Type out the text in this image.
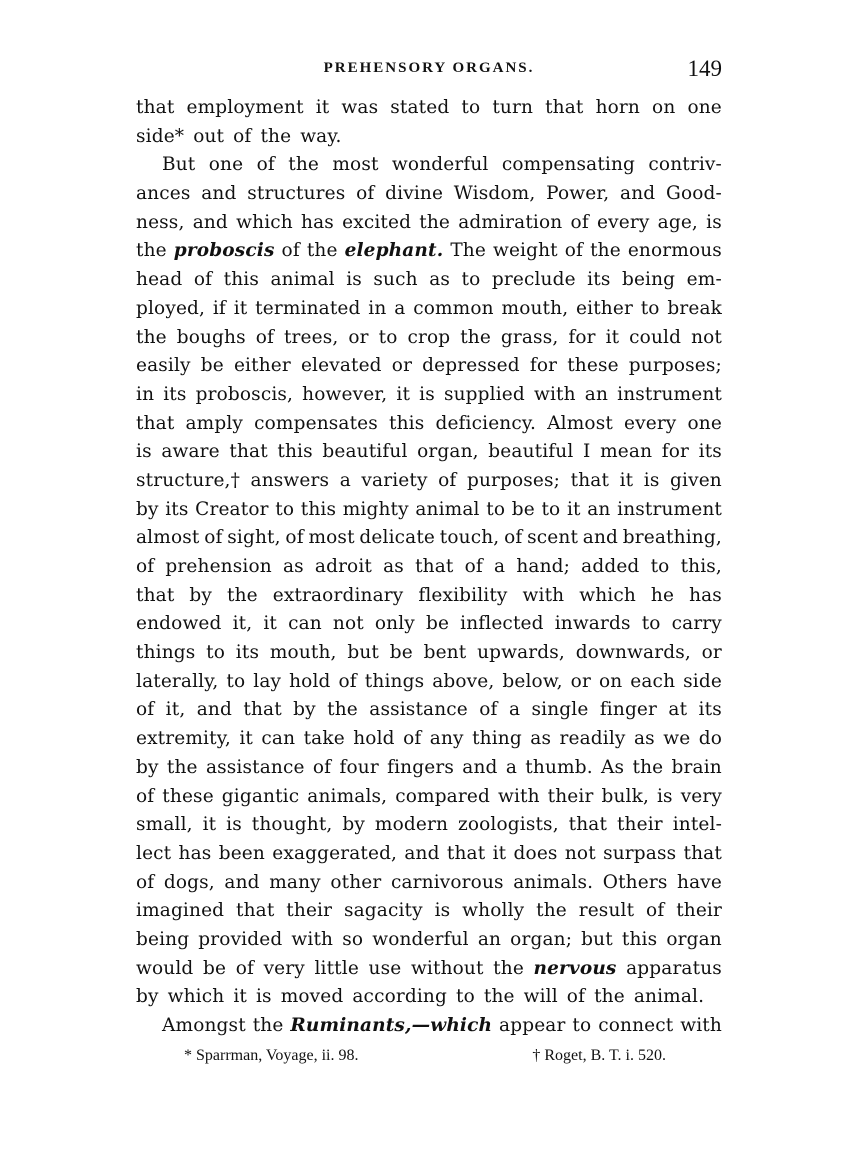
PREHENSORY ORGANS.	149
that employment it was stated to turn that horn on one
side* out of the way.
But one of the most wonderful compensating contriv-
ances and structures of divine Wisdom, Power, and Good-
ness, and which has excited the admiration of every age, is
the proboscis of the elephant. The weight of the enormous
head of this animal is such as to preclude its being em-
ployed, if it terminated in a common mouth, either to break
the boughs of trees, or to crop the grass, for it could not
easily be either elevated or depressed for these purposes;
in its proboscis, however, it is supplied with an instrument
that amply compensates this deficiency. Almost every one
is aware that this beautiful organ, beautiful I mean for its
structure,† answers a variety of purposes; that it is given
by its Creator to this mighty animal to be to it an instrument
almost of sight, of most delicate touch, of scent and breathing,
of prehension as adroit as that of a hand; added to this,
that by the extraordinary flexibility with which he has
endowed it, it can not only be inflected inwards to carry
things to its mouth, but be bent upwards, downwards, or
laterally, to lay hold of things above, below, or on each side
of it, and that by the assistance of a single finger at its
extremity, it can take hold of any thing as readily as we do
by the assistance of four fingers and a thumb. As the brain
of these gigantic animals, compared with their bulk, is very
small, it is thought, by modern zoologists, that their intel-
lect has been exaggerated, and that it does not surpass that
of dogs, and many other carnivorous animals. Others have
imagined that their sagacity is wholly the result of their
being provided with so wonderful an organ; but this organ
would be of very little use without the nervous apparatus
by which it is moved according to the will of the animal.
Amongst the Ruminants,—which appear to connect with
* Sparrman, Voyage, ii. 98.	† Roget, B. T. i. 520.
